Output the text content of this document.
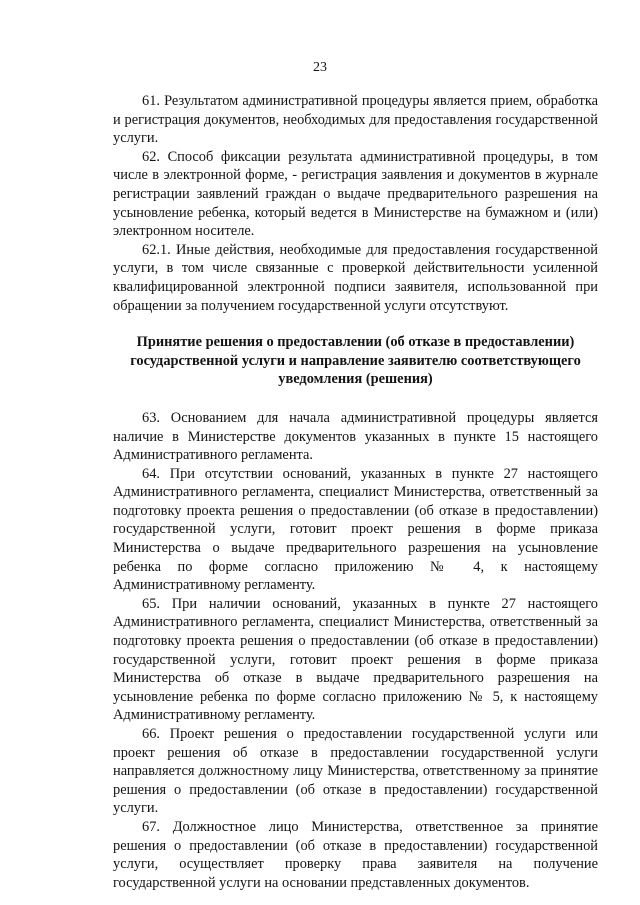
23

61. Результатом административной процедуры является прием, обработка и регистрация документов, необходимых для предоставления государственной услуги.

62. Способ фиксации результата административной процедуры, в том числе в электронной форме, - регистрация заявления и документов в журнале регистрации заявлений граждан о выдаче предварительного разрешения на усыновление ребенка, который ведется в Министерстве на бумажном и (или) электронном носителе.

62.1. Иные действия, необходимые для предоставления государственной услуги, в том числе связанные с проверкой действительности усиленной квалифицированной электронной подписи заявителя, использованной при обращении за получением государственной услуги отсутствуют.

Принятие решения о предоставлении (об отказе в предоставлении)
государственной услуги и направление заявителю соответствующего
уведомления (решения)

63. Основанием для начала административной процедуры является наличие в Министерстве документов указанных в пункте 15 настоящего Административного регламента.

64. При отсутствии оснований, указанных в пункте 27 настоящего Административного регламента, специалист Министерства, ответственный за подготовку проекта решения о предоставлении (об отказе в предоставлении) государственной услуги, готовит проект решения в форме приказа Министерства о выдаче предварительного разрешения на усыновление ребенка по форме согласно приложению № 4, к настоящему Административному регламенту.

65. При наличии оснований, указанных в пункте 27 настоящего Административного регламента, специалист Министерства, ответственный за подготовку проекта решения о предоставлении (об отказе в предоставлении) государственной услуги, готовит проект решения в форме приказа Министерства об отказе в выдаче предварительного разрешения на усыновление ребенка по форме согласно приложению № 5, к настоящему Административному регламенту.

66. Проект решения о предоставлении государственной услуги или проект решения об отказе в предоставлении государственной услуги направляется должностному лицу Министерства, ответственному за принятие решения о предоставлении (об отказе в предоставлении) государственной услуги.

67. Должностное лицо Министерства, ответственное за принятие решения о предоставлении (об отказе в предоставлении) государственной услуги, осуществляет проверку права заявителя на получение государственной услуги на основании представленных документов.
